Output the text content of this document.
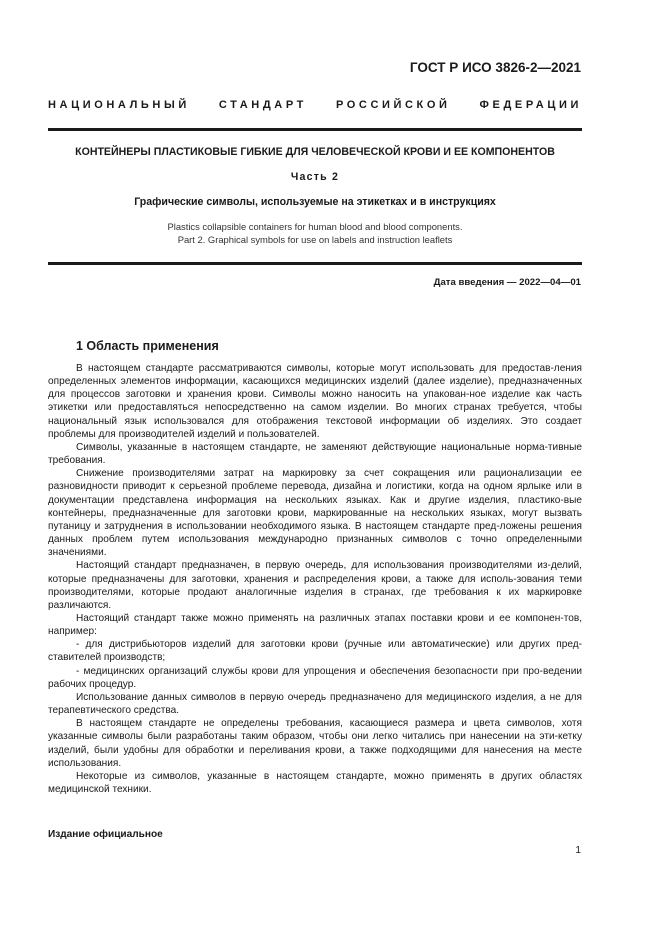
ГОСТ Р ИСО 3826-2—2021
НАЦИОНАЛЬНЫЙ СТАНДАРТ РОССИЙСКОЙ ФЕДЕРАЦИИ
КОНТЕЙНЕРЫ ПЛАСТИКОВЫЕ ГИБКИЕ ДЛЯ ЧЕЛОВЕЧЕСКОЙ КРОВИ И ЕЕ КОМПОНЕНТОВ
Часть 2
Графические символы, используемые на этикетках и в инструкциях
Plastics collapsible containers for human blood and blood components.
Part 2. Graphical symbols for use on labels and instruction leaflets
Дата введения — 2022—04—01
1 Область применения

В настоящем стандарте рассматриваются символы, которые могут использовать для предостав-ления определенных элементов информации, касающихся медицинских изделий (далее изделие), предназначенных для процессов заготовки и хранения крови. Символы можно наносить на упакован-ное изделие как часть этикетки или предоставляться непосредственно на самом изделии. Во многих странах требуется, чтобы национальный язык использовался для отображения текстовой информации об изделиях. Это создает проблемы для производителей изделий и пользователей.

Символы, указанные в настоящем стандарте, не заменяют действующие национальные норма-тивные требования.

Снижение производителями затрат на маркировку за счет сокращения или рационализации ее разновидности приводит к серьезной проблеме перевода, дизайна и логистики, когда на одном ярлыке или в документации представлена информация на нескольких языках. Как и другие изделия, пластико-вые контейнеры, предназначенные для заготовки крови, маркированные на нескольких языках, могут вызвать путаницу и затруднения в использовании необходимого языка. В настоящем стандарте пред-ложены решения данных проблем путем использования международно признанных символов с точно определенными значениями.

Настоящий стандарт предназначен, в первую очередь, для использования производителями из-делий, которые предназначены для заготовки, хранения и распределения крови, а также для исполь-зования теми производителями, которые продают аналогичные изделия в странах, где требования к их маркировке различаются.

Настоящий стандарт также можно применять на различных этапах поставки крови и ее компонен-тов, например:

- для дистрибьюторов изделий для заготовки крови (ручные или автоматические) или других пред-ставителей производств;

- медицинских организаций службы крови для упрощения и обеспечения безопасности при про-ведении рабочих процедур.

Использование данных символов в первую очередь предназначено для медицинского изделия, а не для терапевтического средства.

В настоящем стандарте не определены требования, касающиеся размера и цвета символов, хотя указанные символы были разработаны таким образом, чтобы они легко читались при нанесении на эти-кетку изделий, были удобны для обработки и переливания крови, а также подходящими для нанесения на месте использования.

Некоторые из символов, указанные в настоящем стандарте, можно применять в других областях медицинской техники.

Издание официальное
1
